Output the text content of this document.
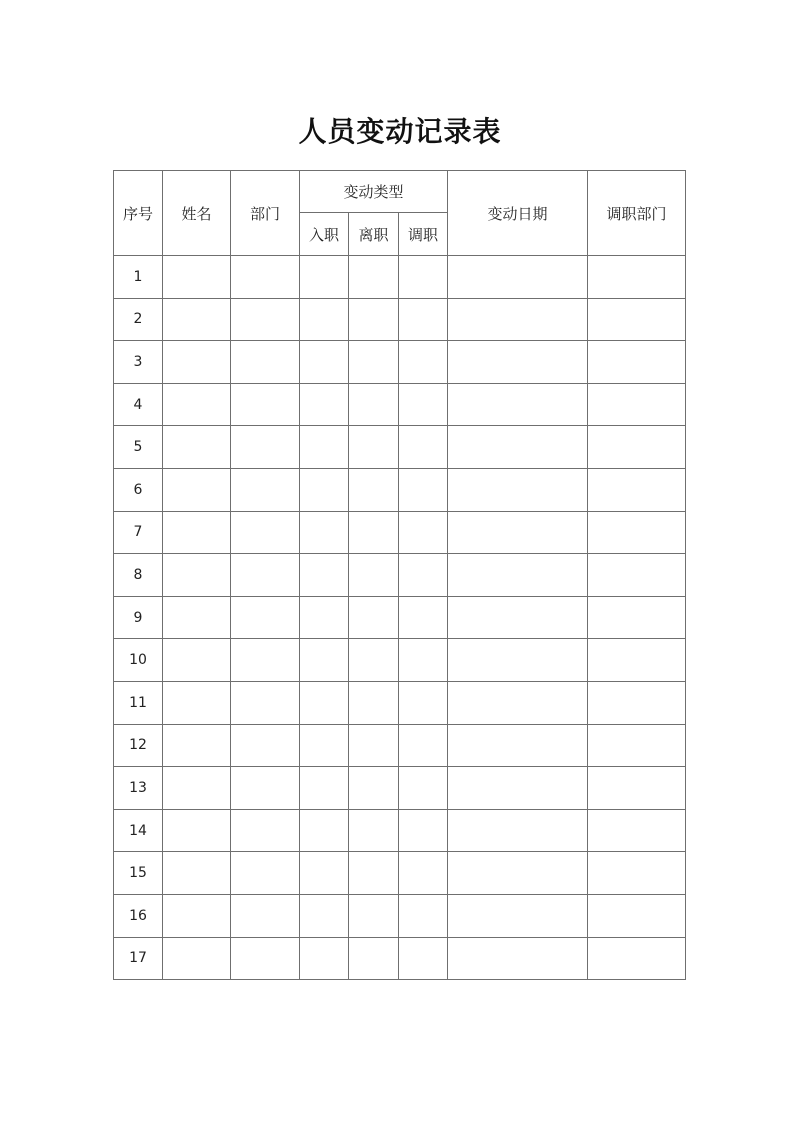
人员变动记录表
序号	姓名	部门	变动类型			变动日期	调职部门
			入职	离职	调职		
1							
2							
3							
4							
5							
6							
7							
8							
9							
10							
11							
12							
13							
14							
15							
16							
17							
